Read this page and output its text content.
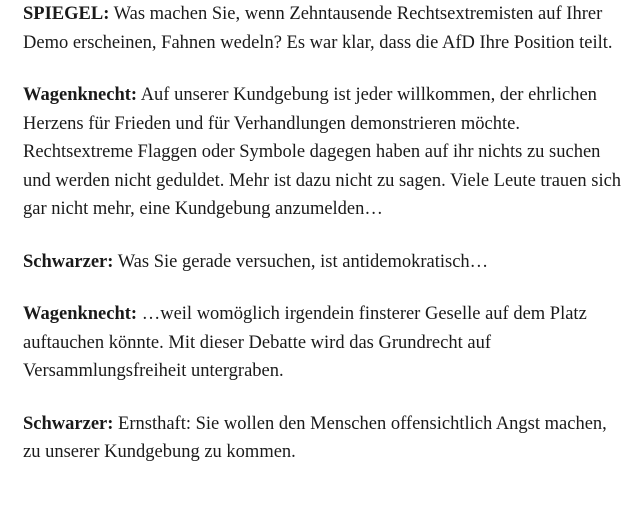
SPIEGEL: Was machen Sie, wenn Zehntausende Rechtsextremisten auf Ihrer Demo erscheinen, Fahnen wedeln? Es war klar, dass die AfD Ihre Position teilt.

Wagenknecht: Auf unserer Kundgebung ist jeder willkommen, der ehrlichen Herzens für Frieden und für Verhandlungen demonstrieren möchte. Rechtsextreme Flaggen oder Symbole dagegen haben auf ihr nichts zu suchen und werden nicht geduldet. Mehr ist dazu nicht zu sagen. Viele Leute trauen sich gar nicht mehr, eine Kundgebung anzumelden…

Schwarzer: Was Sie gerade versuchen, ist antidemokratisch…

Wagenknecht: …weil womöglich irgendein finsterer Geselle auf dem Platz auftauchen könnte. Mit dieser Debatte wird das Grundrecht auf Versammlungsfreiheit untergraben.

Schwarzer: Ernsthaft: Sie wollen den Menschen offensichtlich Angst machen, zu unserer Kundgebung zu kommen.
